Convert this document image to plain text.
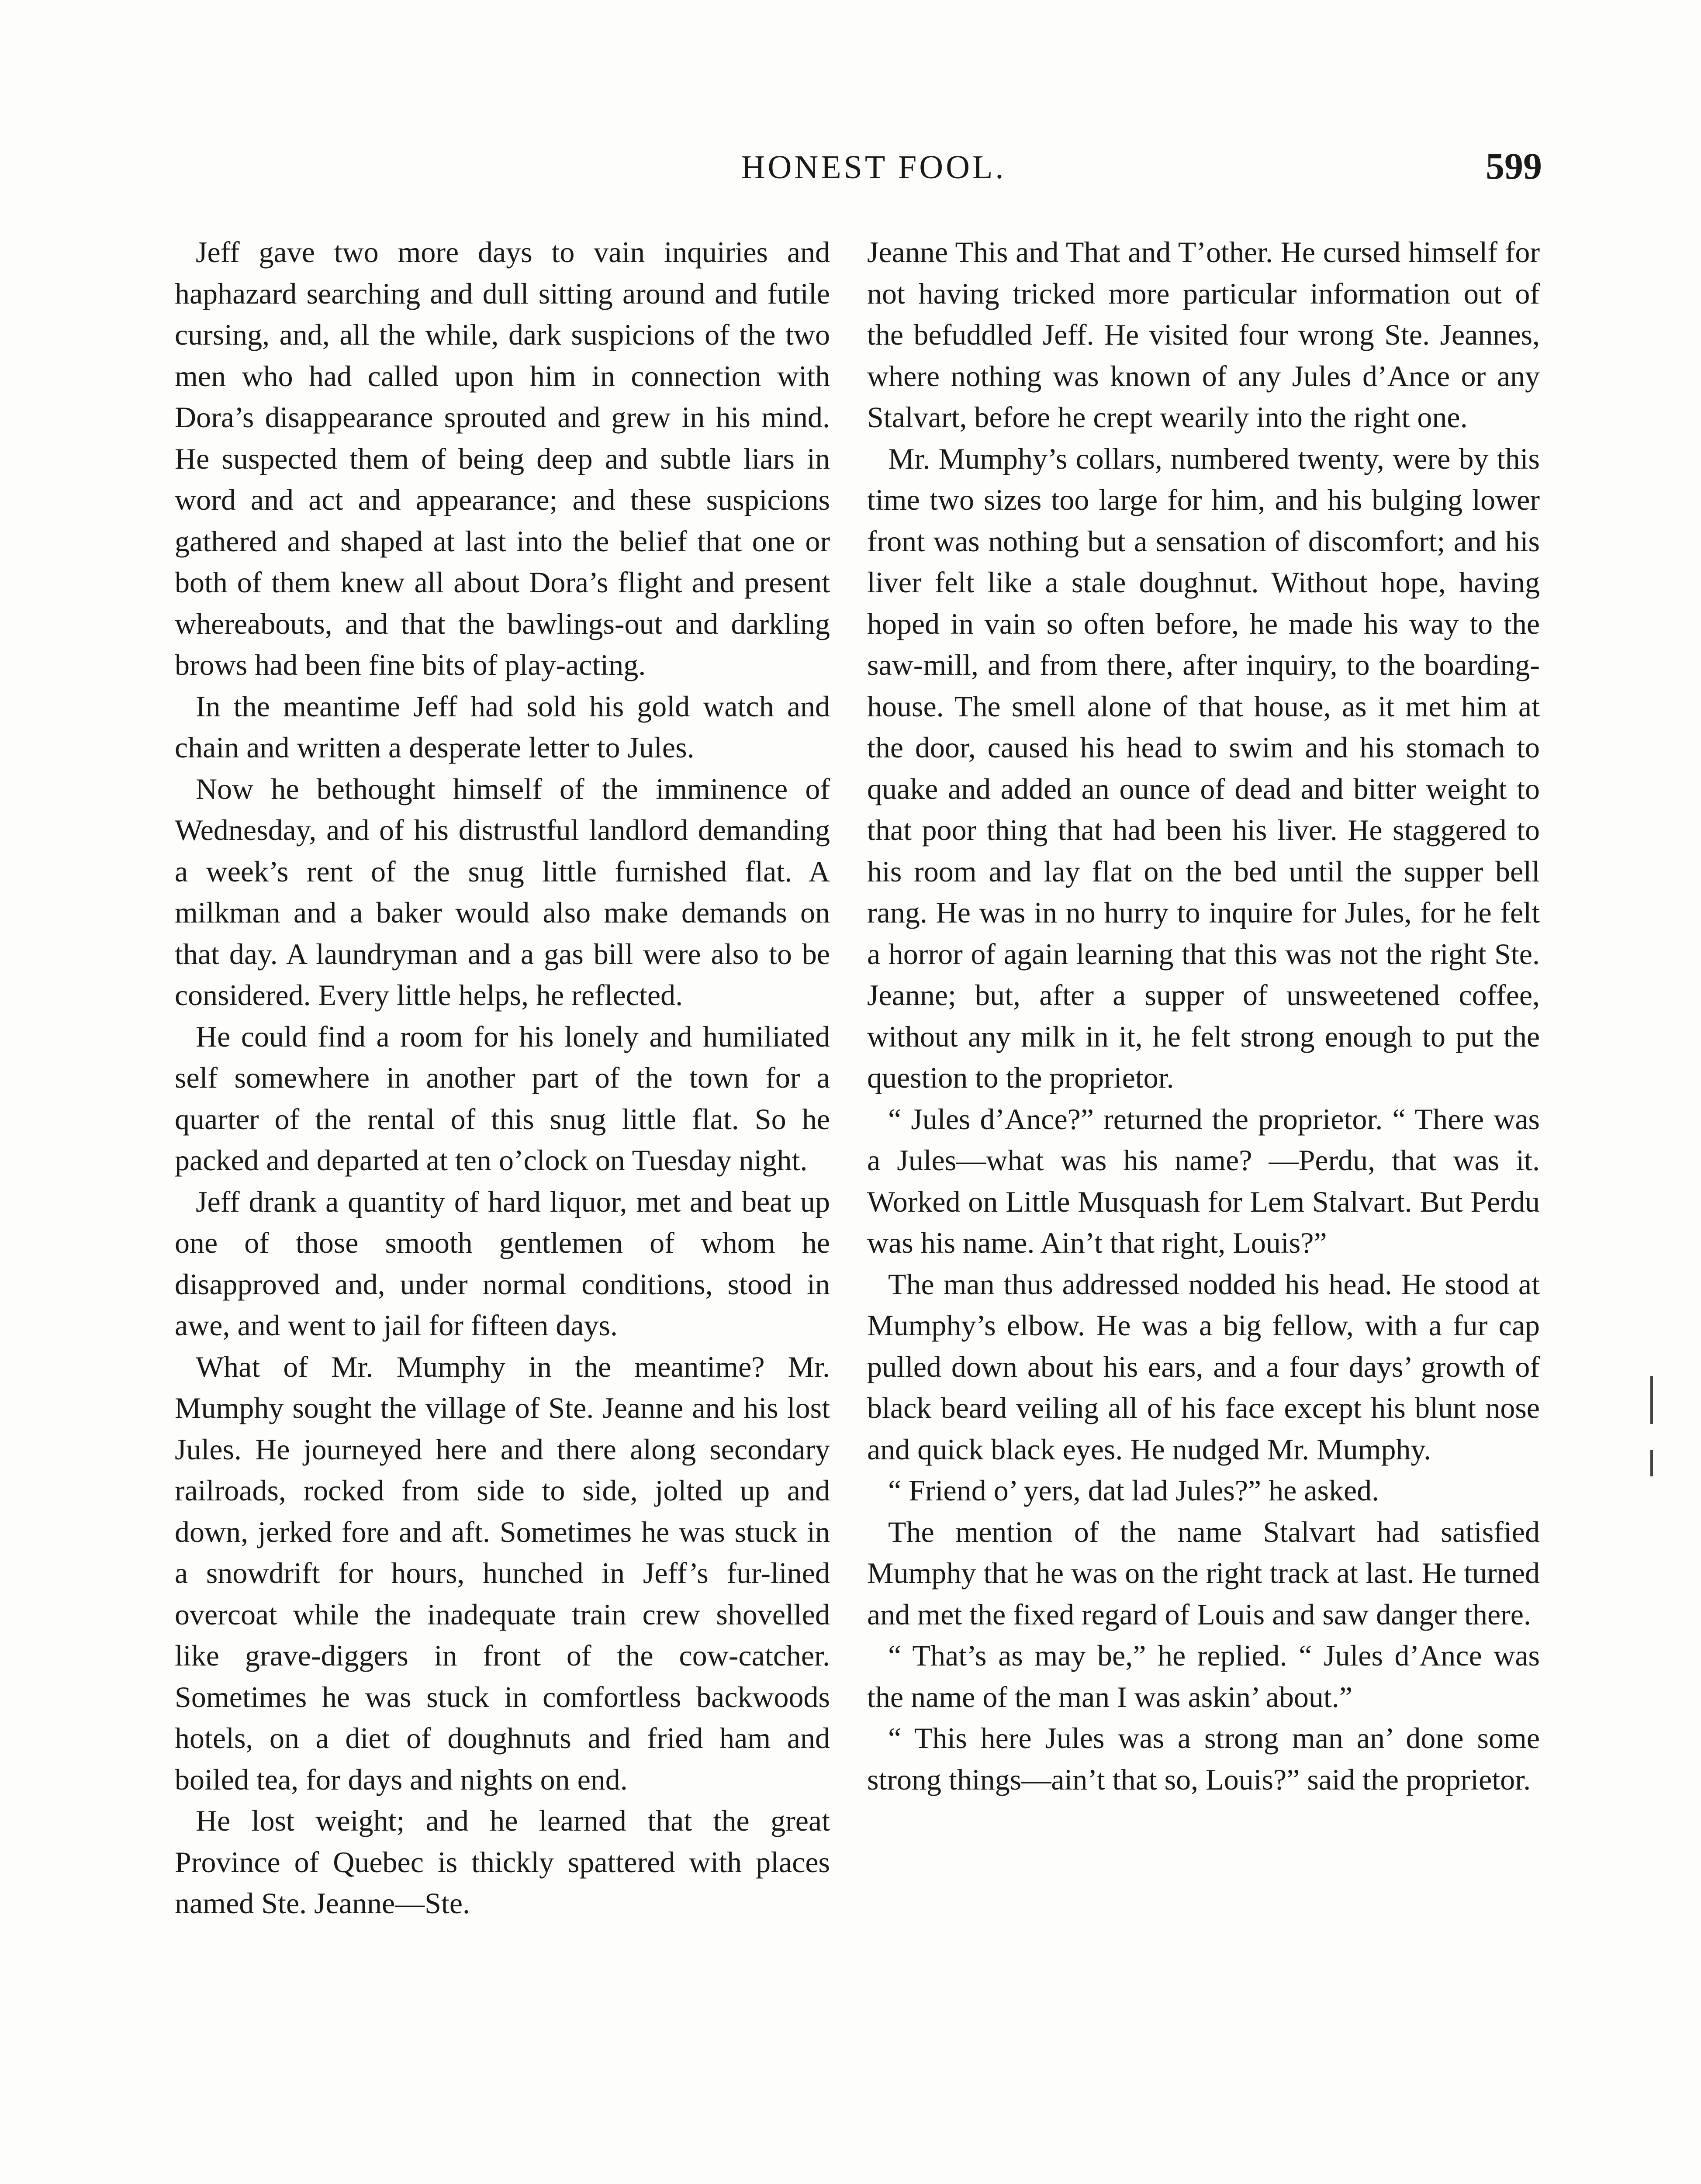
HONEST FOOL.	599

Jeff gave two more days to vain inquiries and haphazard searching and dull sitting around and futile cursing, and, all the while, dark suspicions of the two men who had called upon him in connection with Dora’s disappearance sprouted and grew in his mind. He suspected them of being deep and subtle liars in word and act and appearance; and these suspicions gathered and shaped at last into the belief that one or both of them knew all about Dora’s flight and present whereabouts, and that the bawlings-out and darkling brows had been fine bits of play-acting.

In the meantime Jeff had sold his gold watch and chain and written a desperate letter to Jules.

Now he bethought himself of the imminence of Wednesday, and of his distrustful landlord demanding a week’s rent of the snug little furnished flat. A milkman and a baker would also make demands on that day. A laundryman and a gas bill were also to be considered. Every little helps, he reflected.

He could find a room for his lonely and humiliated self somewhere in another part of the town for a quarter of the rental of this snug little flat. So he packed and departed at ten o’clock on Tuesday night.

Jeff drank a quantity of hard liquor, met and beat up one of those smooth gentlemen of whom he disapproved and, under normal conditions, stood in awe, and went to jail for fifteen days.

What of Mr. Mumphy in the meantime? Mr. Mumphy sought the village of Ste. Jeanne and his lost Jules. He journeyed here and there along secondary railroads, rocked from side to side, jolted up and down, jerked fore and aft. Sometimes he was stuck in a snowdrift for hours, hunched in Jeff’s fur-lined overcoat while the inadequate train crew shovelled like grave-diggers in front of the cow-catcher. Sometimes he was stuck in comfortless backwoods hotels, on a diet of doughnuts and fried ham and boiled tea, for days and nights on end.

He lost weight; and he learned that the great Province of Quebec is thickly spattered with places named Ste. Jeanne—Ste.

Jeanne This and That and T’other. He cursed himself for not having tricked more particular information out of the befuddled Jeff. He visited four wrong Ste. Jeannes, where nothing was known of any Jules d’Ance or any Stalvart, before he crept wearily into the right one.

Mr. Mumphy’s collars, numbered twenty, were by this time two sizes too large for him, and his bulging lower front was nothing but a sensation of discomfort; and his liver felt like a stale doughnut. Without hope, having hoped in vain so often before, he made his way to the saw-mill, and from there, after inquiry, to the boarding-house. The smell alone of that house, as it met him at the door, caused his head to swim and his stomach to quake and added an ounce of dead and bitter weight to that poor thing that had been his liver. He staggered to his room and lay flat on the bed until the supper bell rang. He was in no hurry to inquire for Jules, for he felt a horror of again learning that this was not the right Ste. Jeanne; but, after a supper of unsweetened coffee, without any milk in it, he felt strong enough to put the question to the proprietor.

“ Jules d’Ance?” returned the proprietor. “ There was a Jules—what was his name? —Perdu, that was it. Worked on Little Musquash for Lem Stalvart. But Perdu was his name. Ain’t that right, Louis?”

The man thus addressed nodded his head. He stood at Mumphy’s elbow. He was a big fellow, with a fur cap pulled down about his ears, and a four days’ growth of black beard veiling all of his face except his blunt nose and quick black eyes. He nudged Mr. Mumphy.

“ Friend o’ yers, dat lad Jules?” he asked.

The mention of the name Stalvart had satisfied Mumphy that he was on the right track at last. He turned and met the fixed regard of Louis and saw danger there.

“ That’s as may be,” he replied. “ Jules d’Ance was the name of the man I was askin’ about.”

“ This here Jules was a strong man an’ done some strong things—ain’t that so, Louis?” said the proprietor.
